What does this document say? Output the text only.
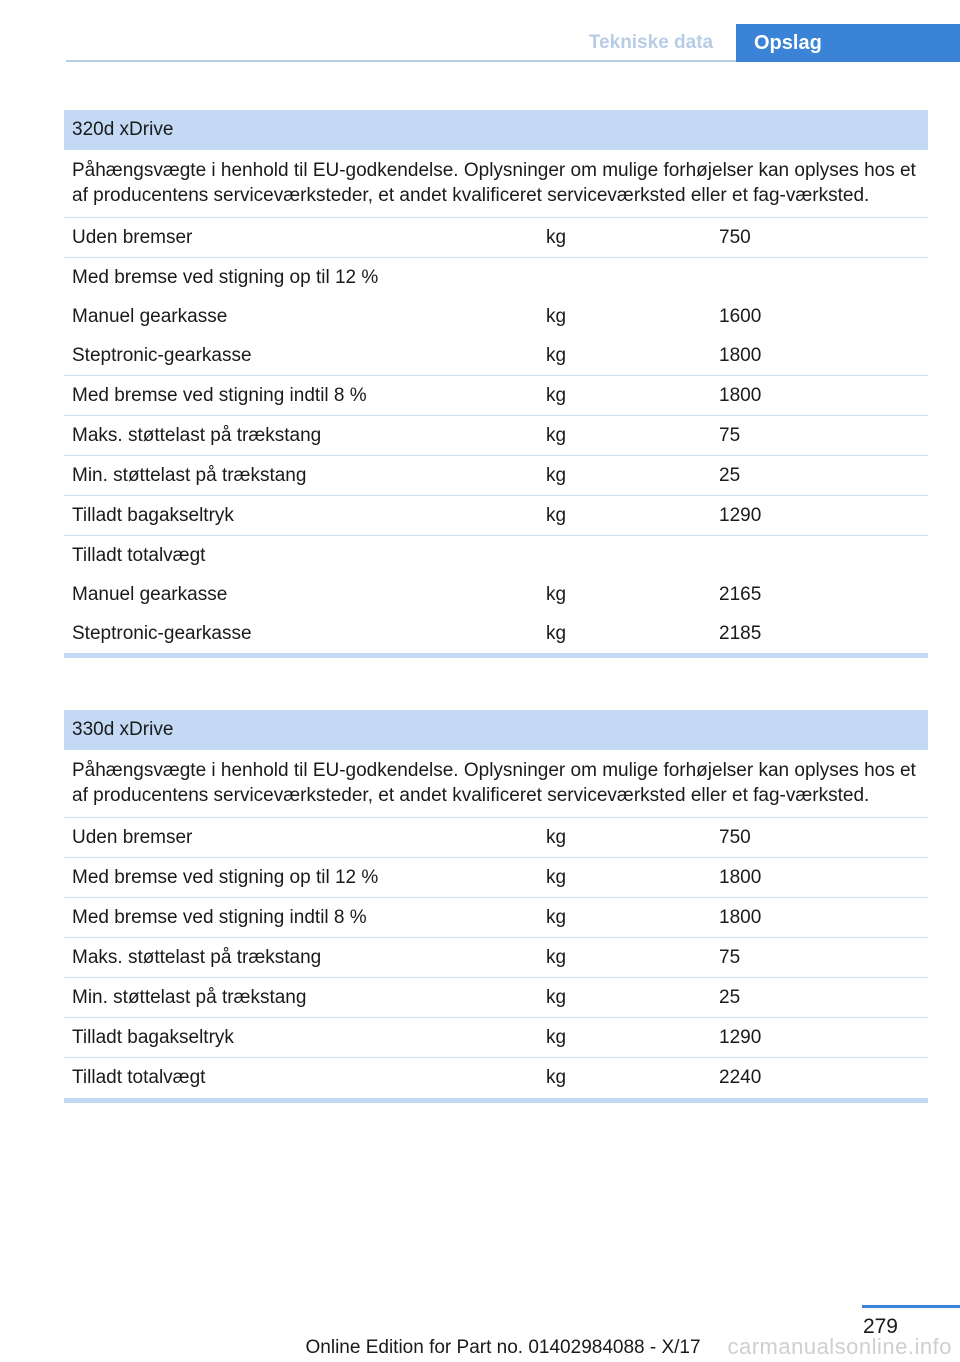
Tekniske data	Opslag
320d xDrive
Påhængsvægte i henhold til EU-godkendelse. Oplysninger om mulige forhøjelser kan oplyses hos et af producentens serviceværksteder, et andet kvalificeret serviceværksted eller et fag-værksted.
Uden bremser	kg	750
Med bremse ved stigning op til 12 %
Manuel gearkasse	kg	1600
Steptronic-gearkasse	kg	1800
Med bremse ved stigning indtil 8 %	kg	1800
Maks. støttelast på trækstang	kg	75
Min. støttelast på trækstang	kg	25
Tilladt bagakseltryk	kg	1290
Tilladt totalvægt
Manuel gearkasse	kg	2165
Steptronic-gearkasse	kg	2185
330d xDrive
Påhængsvægte i henhold til EU-godkendelse. Oplysninger om mulige forhøjelser kan oplyses hos et af producentens serviceværksteder, et andet kvalificeret serviceværksted eller et fag-værksted.
Uden bremser	kg	750
Med bremse ved stigning op til 12 %	kg	1800
Med bremse ved stigning indtil 8 %	kg	1800
Maks. støttelast på trækstang	kg	75
Min. støttelast på trækstang	kg	25
Tilladt bagakseltryk	kg	1290
Tilladt totalvægt	kg	2240
279
Online Edition for Part no. 01402984088 - X/1 7 carmanualsonline.info
